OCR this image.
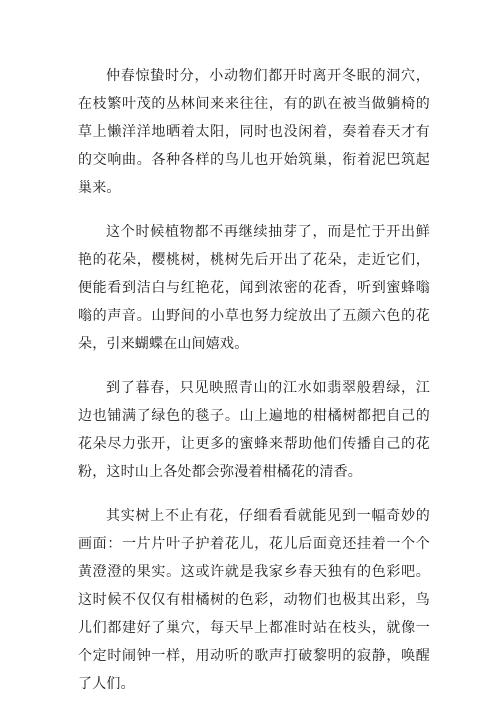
仲春惊蛰时分，小动物们都开时离开冬眠的洞穴，在枝繁叶茂的丛林间来来往往，有的趴在被当做躺椅的草上懒洋洋地晒着太阳，同时也没闲着，奏着春天才有的交响曲。各种各样的鸟儿也开始筑巢，衔着泥巴筑起巢来。

这个时候植物都不再继续抽芽了，而是忙于开出鲜艳的花朵，樱桃树，桃树先后开出了花朵，走近它们，便能看到洁白与红艳花，闻到浓密的花香，听到蜜蜂嗡嗡的声音。山野间的小草也努力绽放出了五颜六色的花朵，引来蝴蝶在山间嬉戏。

到了暮春，只见映照青山的江水如翡翠般碧绿，江边也铺满了绿色的毯子。山上遍地的柑橘树都把自己的花朵尽力张开，让更多的蜜蜂来帮助他们传播自己的花粉，这时山上各处都会弥漫着柑橘花的清香。

其实树上不止有花，仔细看看就能见到一幅奇妙的画面：一片片叶子护着花儿，花儿后面竟还挂着一个个黄澄澄的果实。这或许就是我家乡春天独有的色彩吧。这时候不仅仅有柑橘树的色彩，动物们也极其出彩，鸟儿们都建好了巢穴，每天早上都准时站在枝头，就像一个定时闹钟一样，用动听的歌声打破黎明的寂静，唤醒了人们。
